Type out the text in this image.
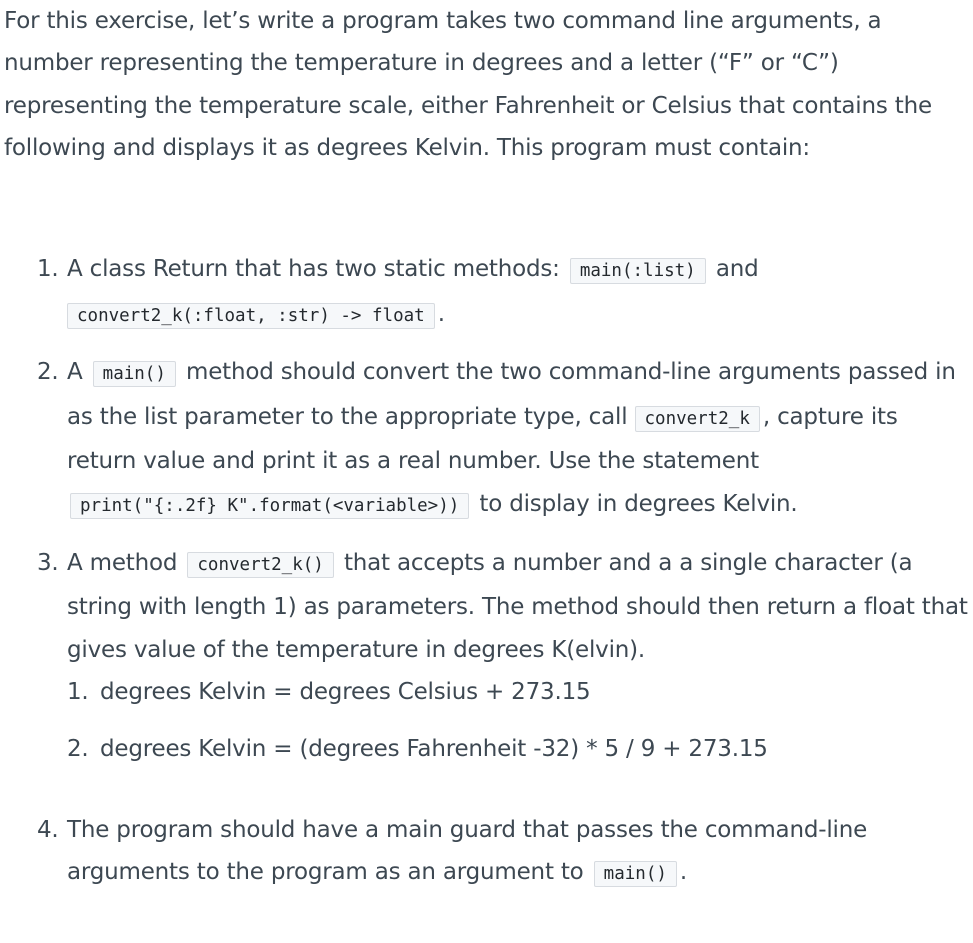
For this exercise, let’s write a program takes two command line arguments, a number representing the temperature in degrees and a letter (“F” or “C”) representing the temperature scale, either Fahrenheit or Celsius that contains the following and displays it as degrees Kelvin. This program must contain:

1. A class Return that has two static methods: main(:list) and
convert2_k(:float, :str) -> float .
2. A main() method should convert the two command-line arguments passed in as the list parameter to the appropriate type, call convert2_k , capture its return value and print it as a real number. Use the statement print("{:.2f} K".format(<variable>)) to display in degrees Kelvin.
3. A method convert2_k() that accepts a number and a a single character (a string with length 1) as parameters. The method should then return a float that gives value of the temperature in degrees K(elvin).
1. degrees Kelvin = degrees Celsius + 273.15
2. degrees Kelvin = (degrees Fahrenheit -32) * 5 / 9 + 273.15
4. The program should have a main guard that passes the command-line arguments to the program as an argument to main() .
